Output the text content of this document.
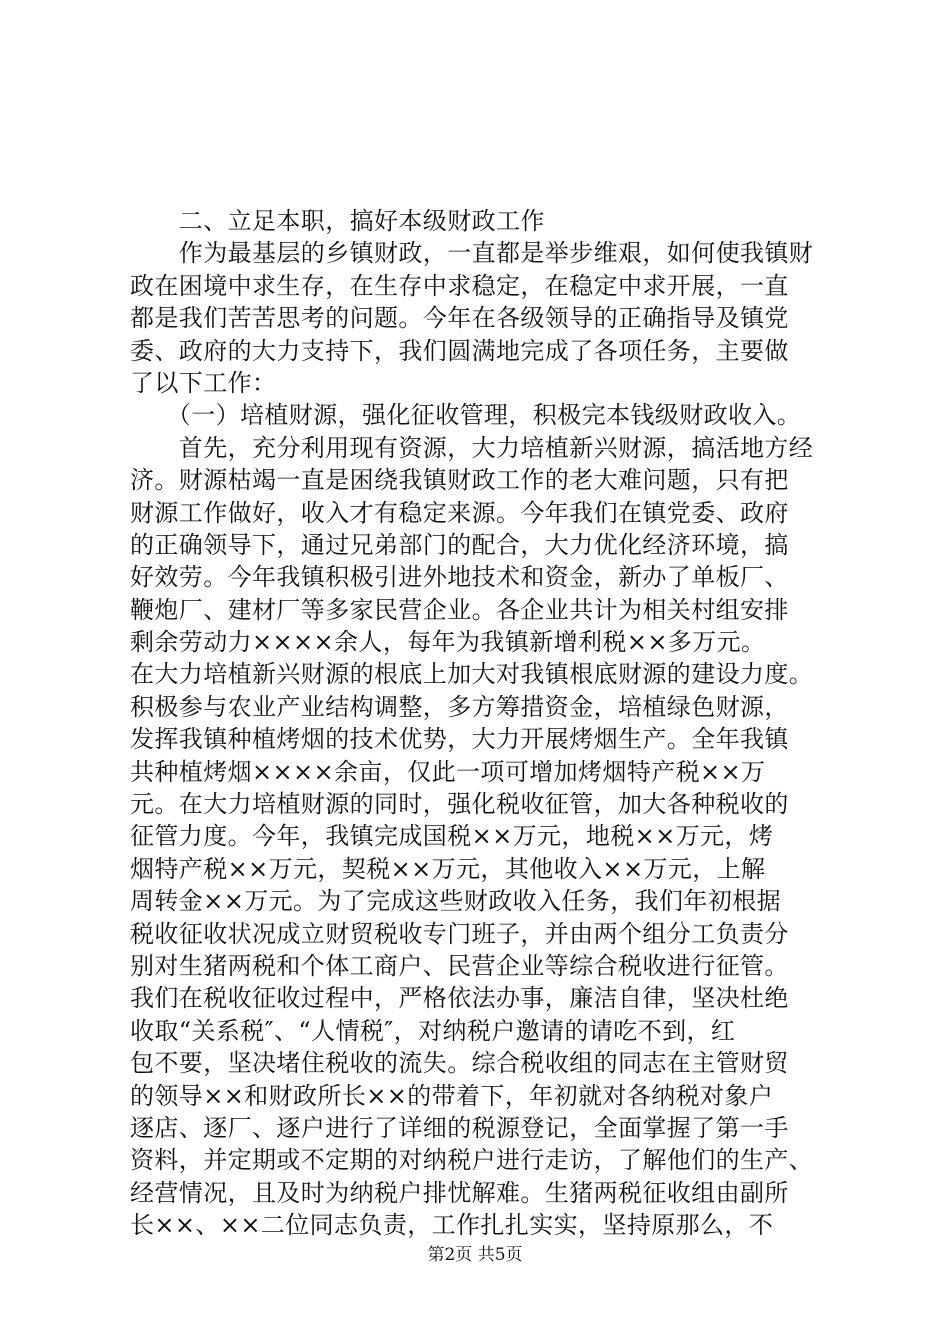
　　二、立足本职，搞好本级财政工作
　　作为最基层的乡镇财政，一直都是举步维艰，如何使我镇财
政在困境中求生存，在生存中求稳定，在稳定中求开展，一直
都是我们苦苦思考的问题。今年在各级领导的正确指导及镇党
委、政府的大力支持下，我们圆满地完成了各项任务，主要做
了以下工作：
　　（一）培植财源，强化征收管理，积极完本钱级财政收入。
　　首先，充分利用现有资源，大力培植新兴财源，搞活地方经
济。财源枯竭一直是困绕我镇财政工作的老大难问题，只有把
财源工作做好，收入才有稳定来源。今年我们在镇党委、政府
的正确领导下，通过兄弟部门的配合，大力优化经济环境，搞
好效劳。今年我镇积极引进外地技术和资金，新办了单板厂、
鞭炮厂、建材厂等多家民营企业。各企业共计为相关村组安排
剩余劳动力××××余人，每年为我镇新增利税××多万元。
在大力培植新兴财源的根底上加大对我镇根底财源的建设力度。
积极参与农业产业结构调整，多方筹措资金，培植绿色财源，
发挥我镇种植烤烟的技术优势，大力开展烤烟生产。全年我镇
共种植烤烟××××余亩，仅此一项可增加烤烟特产税××万
元。在大力培植财源的同时，强化税收征管，加大各种税收的
征管力度。今年，我镇完成国税××万元，地税××万元，烤
烟特产税××万元，契税××万元，其他收入××万元，上解
周转金××万元。为了完成这些财政收入任务，我们年初根据
税收征收状况成立财贸税收专门班子，并由两个组分工负责分
别对生猪两税和个体工商户、民营企业等综合税收进行征管。
我们在税收征收过程中，严格依法办事，廉洁自律，坚决杜绝
收取“关系税″、“人情税″，对纳税户邀请的请吃不到，红
包不要，坚决堵住税收的流失。综合税收组的同志在主管财贸
的领导××和财政所长××的带着下，年初就对各纳税对象户
逐店、逐厂、逐户进行了详细的税源登记，全面掌握了第一手
资料，并定期或不定期的对纳税户进行走访，了解他们的生产、
经营情况，且及时为纳税户排忧解难。生猪两税征收组由副所
长××、××二位同志负责，工作扎扎实实，坚持原那么，不
第2页 共5页
